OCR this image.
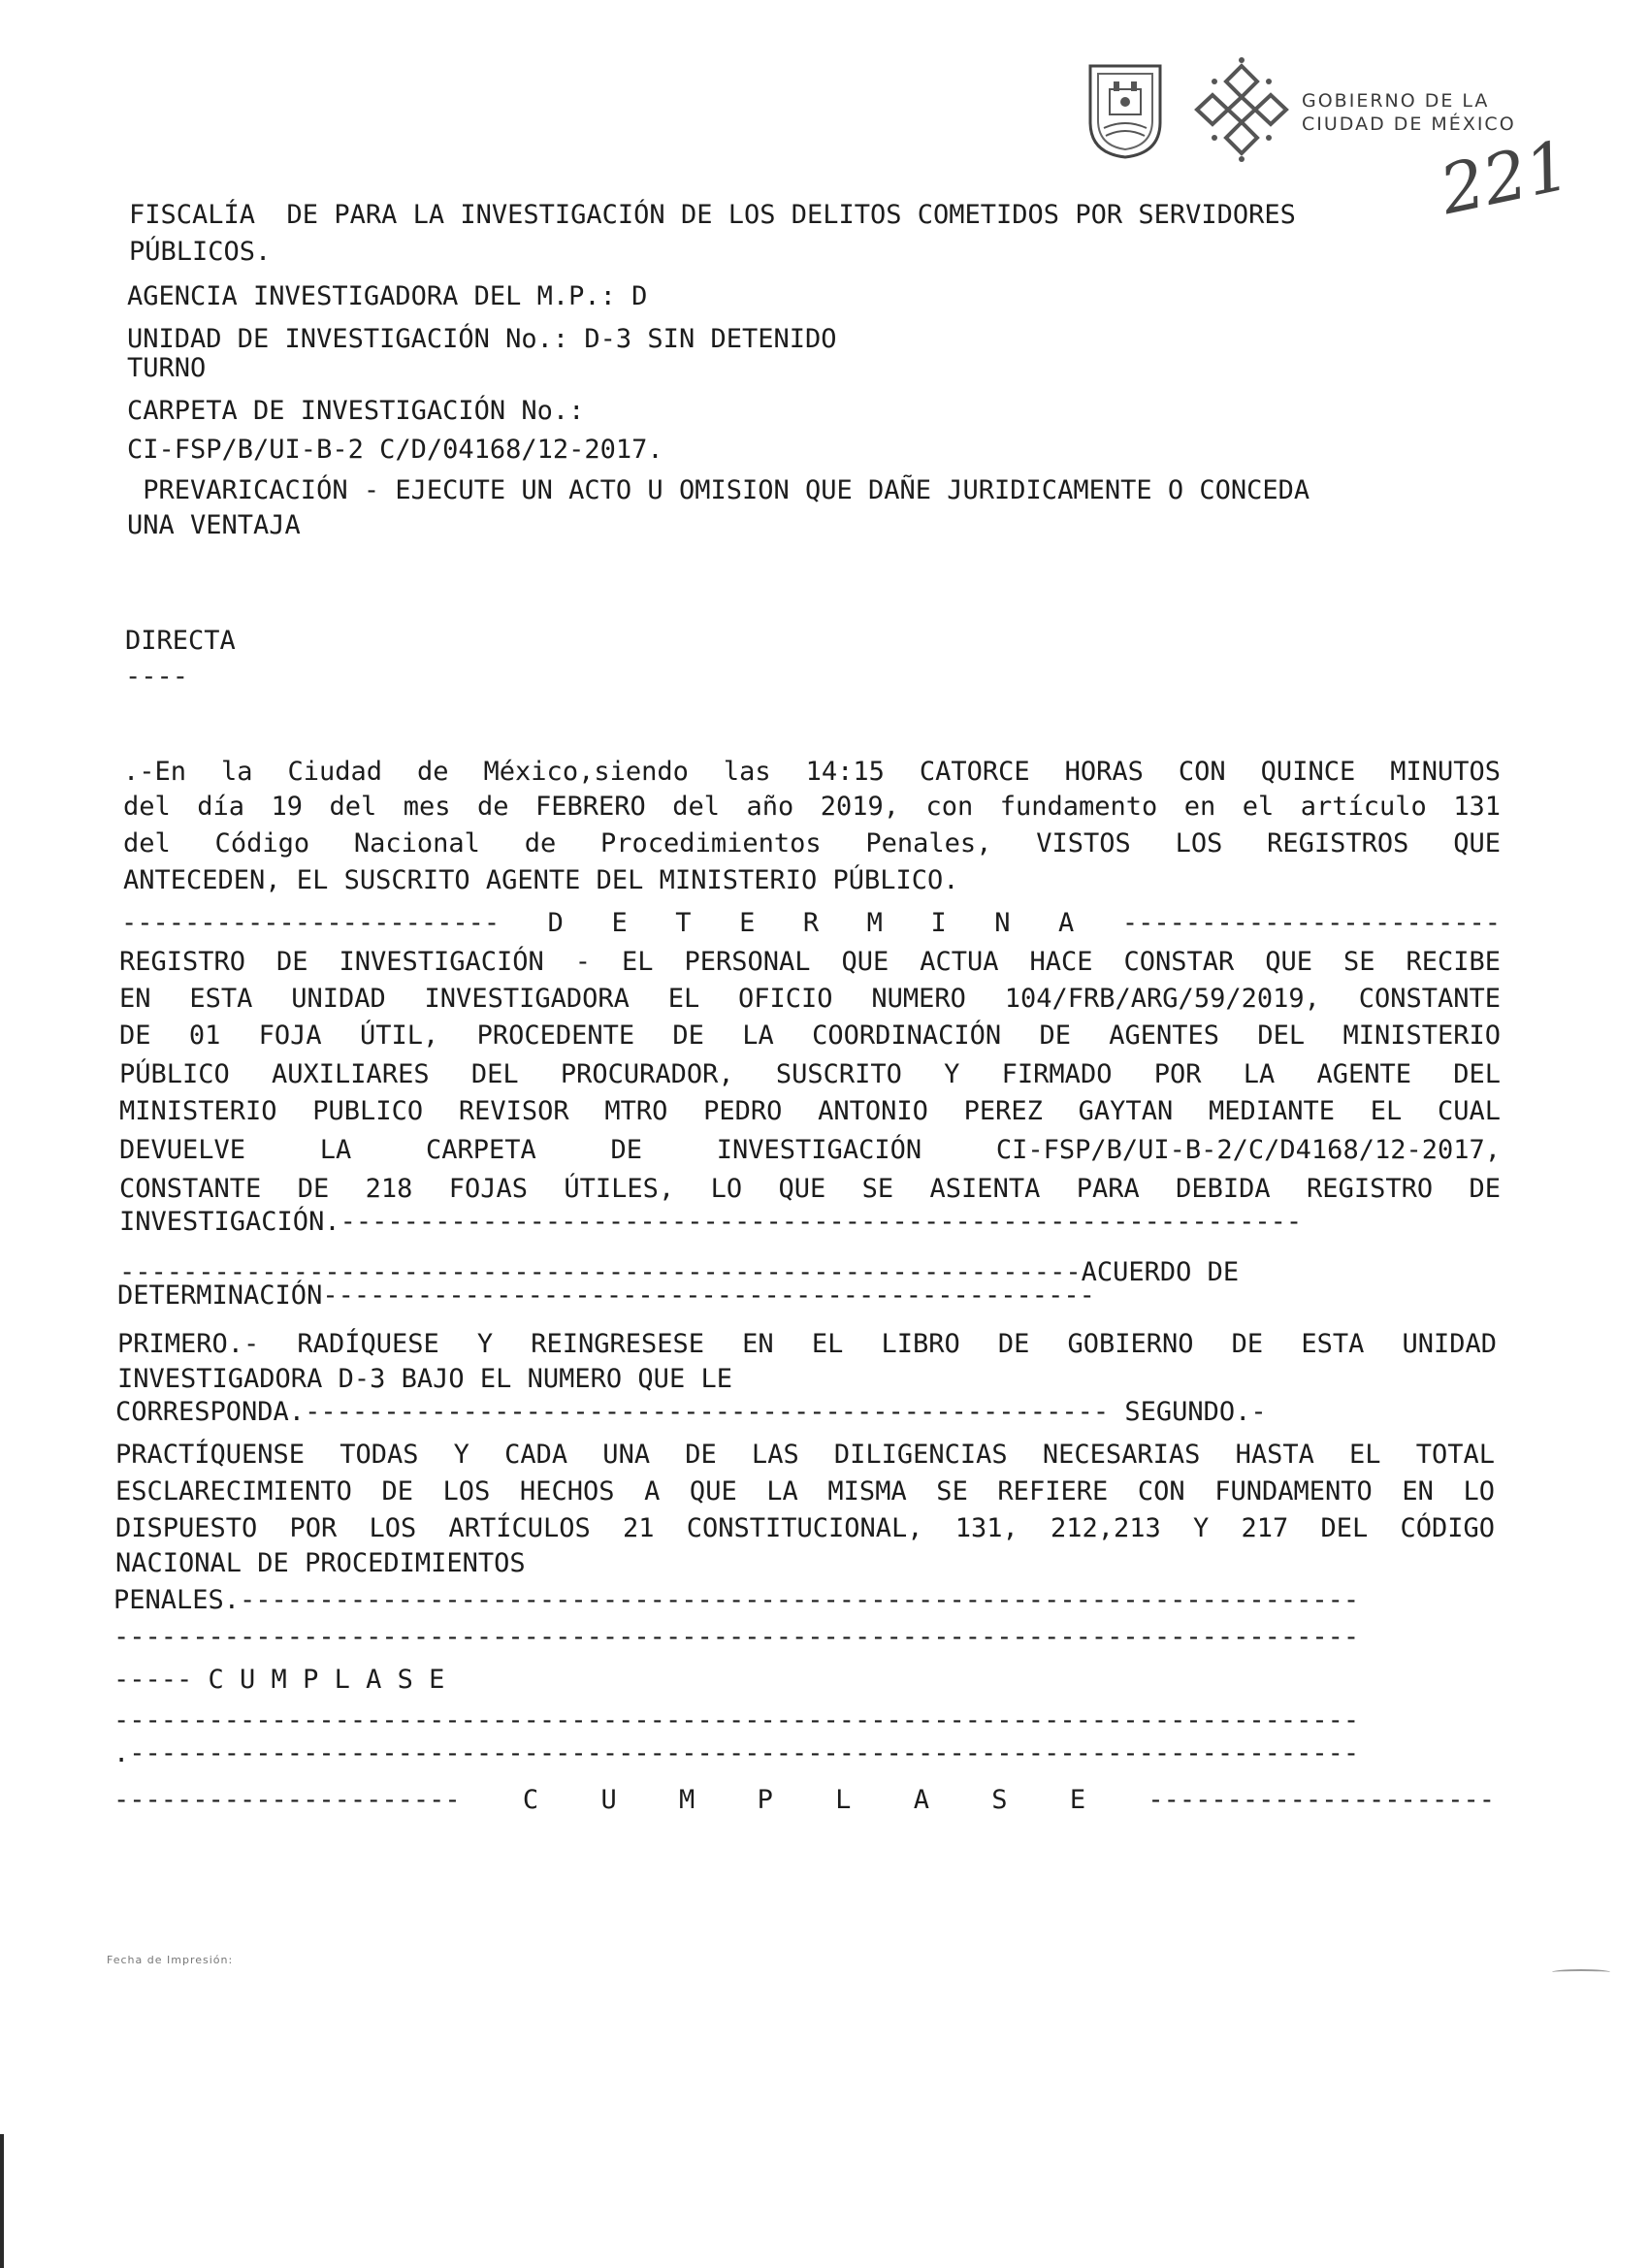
GOBIERNO DE LA
CIUDAD DE MÉXICO
221
FISCALÍA  DE PARA LA INVESTIGACIÓN DE LOS DELITOS COMETIDOS POR SERVIDORES
PÚBLICOS.
AGENCIA INVESTIGADORA DEL M.P.: D
UNIDAD DE INVESTIGACIÓN No.: D-3 SIN DETENIDO
TURNO
CARPETA DE INVESTIGACIÓN No.:
CI-FSP/B/UI-B-2 C/D/04168/12-2017.
PREVARICACIÓN - EJECUTE UN ACTO U OMISION QUE DAÑE JURIDICAMENTE O CONCEDA
UNA VENTAJA
DIRECTA
----
.-En la Ciudad de México,siendo las 14:15 CATORCE HORAS CON QUINCE MINUTOS
del día 19 del mes de FEBRERO del año 2019, con fundamento en el artículo 131
del Código Nacional de Procedimientos Penales, VISTOS LOS REGISTROS QUE
ANTECEDEN, EL SUSCRITO AGENTE DEL MINISTERIO PÚBLICO.
------------------------ D E T E R M I N A ------------------------
REGISTRO DE INVESTIGACIÓN - EL PERSONAL QUE ACTUA HACE CONSTAR QUE SE RECIBE
EN ESTA UNIDAD INVESTIGADORA EL OFICIO NUMERO 104/FRB/ARG/59/2019, CONSTANTE
DE 01 FOJA ÚTIL, PROCEDENTE DE LA COORDINACIÓN DE AGENTES DEL MINISTERIO
PÚBLICO AUXILIARES DEL PROCURADOR, SUSCRITO Y FIRMADO POR LA AGENTE DEL
MINISTERIO PUBLICO REVISOR MTRO PEDRO ANTONIO PEREZ GAYTAN MEDIANTE EL CUAL
DEVUELVE LA CARPETA DE INVESTIGACIÓN CI-FSP/B/UI-B-2/C/D4168/12-2017,
CONSTANTE DE 218 FOJAS ÚTILES, LO QUE SE ASIENTA PARA DEBIDA REGISTRO DE
INVESTIGACIÓN.-------------------------------------------------------------
-------------------------------------------------------------ACUERDO DE
DETERMINACIÓN-------------------------------------------------
PRIMERO.- RADÍQUESE Y REINGRESESE EN EL LIBRO DE GOBIERNO DE ESTA UNIDAD
INVESTIGADORA D-3 BAJO EL NUMERO QUE LE
CORRESPONDA.--------------------------------------------------- SEGUNDO.-
PRACTÍQUENSE TODAS Y CADA UNA DE LAS DILIGENCIAS NECESARIAS HASTA EL TOTAL
ESCLARECIMIENTO DE LOS HECHOS A QUE LA MISMA SE REFIERE CON FUNDAMENTO EN LO
DISPUESTO POR LOS ARTÍCULOS 21 CONSTITUCIONAL, 131, 212,213 Y 217 DEL CÓDIGO
NACIONAL DE PROCEDIMIENTOS
PENALES.-----------------------------------------------------------------------
-------------------------------------------------------------------------------
----- C U M P L A S E
-------------------------------------------------------------------------------
.------------------------------------------------------------------------------
---------------------- C U M P L A S E ----------------------
Fecha de Impresión:
